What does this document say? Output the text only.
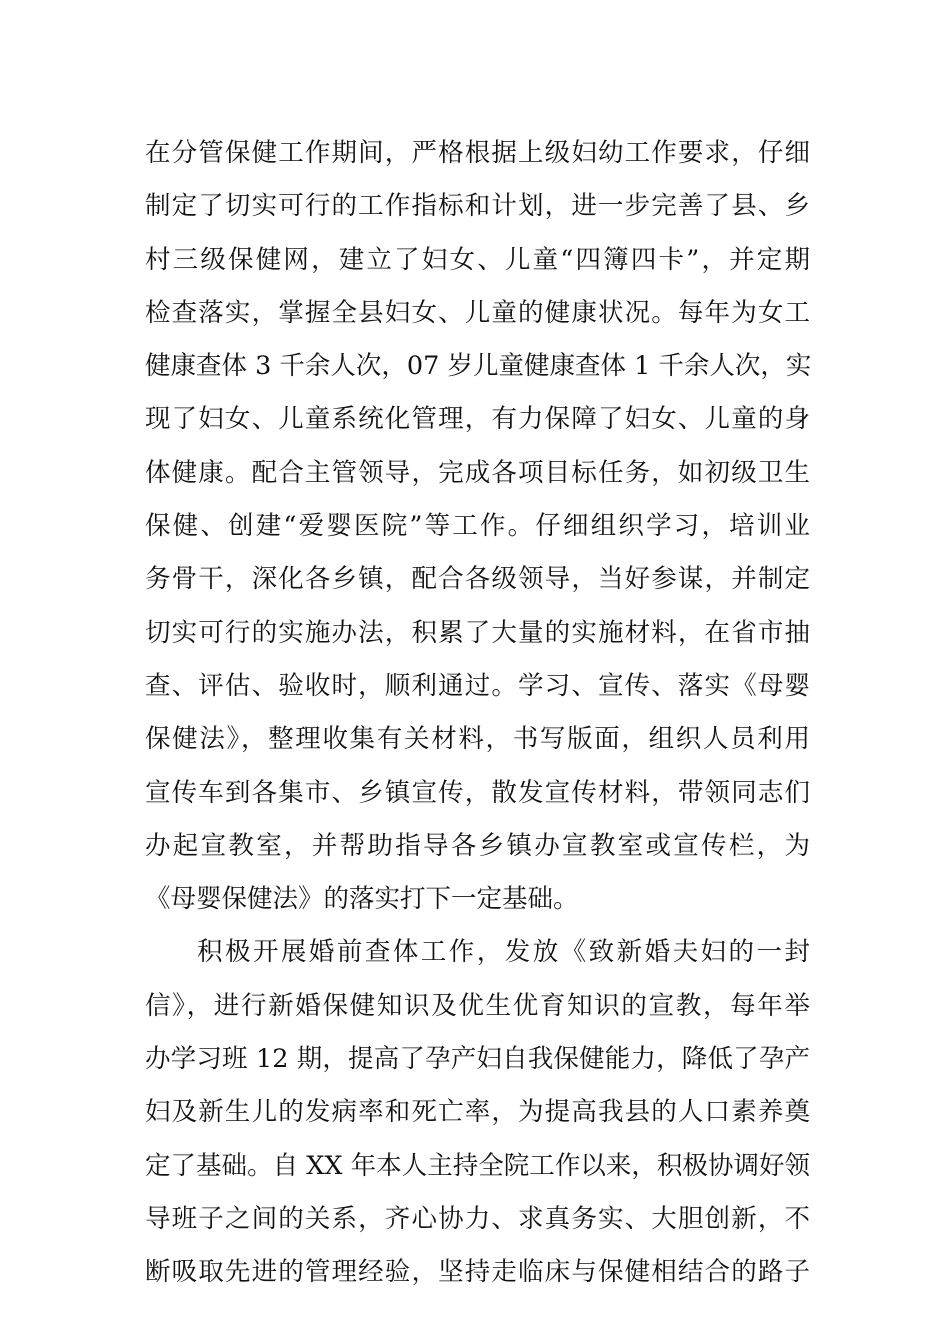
在分管保健工作期间，严格根据上级妇幼工作要求，仔细
制定了切实可行的工作指标和计划，进一步完善了县、乡
村三级保健网，建立了妇女、儿童“四簿四卡”，并定期
检查落实，掌握全县妇女、儿童的健康状况。每年为女工
健康查体 3 千余人次，07 岁儿童健康查体 1 千余人次，实
现了妇女、儿童系统化管理，有力保障了妇女、儿童的身
体健康。配合主管领导，完成各项目标任务，如初级卫生
保健、创建“爱婴医院”等工作。仔细组织学习，培训业
务骨干，深化各乡镇，配合各级领导，当好参谋，并制定
切实可行的实施办法，积累了大量的实施材料，在省市抽
查、评估、验收时，顺利通过。学习、宣传、落实《母婴
保健法》，整理收集有关材料，书写版面，组织人员利用
宣传车到各集市、乡镇宣传，散发宣传材料，带领同志们
办起宣教室，并帮助指导各乡镇办宣教室或宣传栏，为
《母婴保健法》的落实打下一定基础。
积极开展婚前查体工作，发放《致新婚夫妇的一封
信》，进行新婚保健知识及优生优育知识的宣教，每年举
办学习班 12 期，提高了孕产妇自我保健能力，降低了孕产
妇及新生儿的发病率和死亡率，为提高我县的人口素养奠
定了基础。自 XX 年本人主持全院工作以来，积极协调好领
导班子之间的关系，齐心协力、求真务实、大胆创新，不
断吸取先进的管理经验，坚持走临床与保健相结合的路子
